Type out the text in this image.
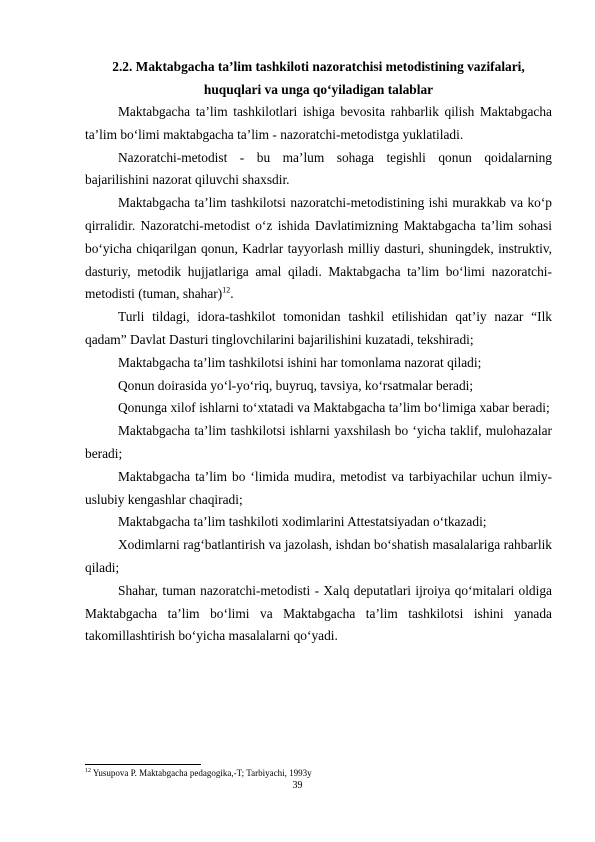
2.2. Maktabgacha ta’lim tashkiloti nazoratchisi metodistining vazifalari,
huquqlari va unga qo‘yiladigan talablar

Maktabgacha ta’lim tashkilotlari ishiga bevosita rahbarlik qilish Maktabgacha ta’lim bo‘limi maktabgacha ta’lim - nazoratchi-metodistga yuklatiladi.

Nazoratchi-metodist - bu ma’lum sohaga tegishli qonun qoidalarning bajarilishini nazorat qiluvchi shaxsdir.

Maktabgacha ta’lim tashkilotsi nazoratchi-metodistining ishi murakkab va ko‘p qirralidir. Nazoratchi-metodist o‘z ishida Davlatimizning Maktabgacha ta’lim sohasi bo‘yicha chiqarilgan qonun, Kadrlar tayyorlash milliy dasturi, shuningdek, instruktiv, dasturiy, metodik hujjatlariga amal qiladi. Maktabgacha ta’lim bo‘limi nazoratchi-metodisti (tuman, shahar)$^{12}$.

Turli tildagi, idora-tashkilot tomonidan tashkil etilishidan qat’iy nazar “Ilk qadam” Davlat Dasturi tinglovchilarini bajarilishini kuzatadi, tekshiradi;

Maktabgacha ta’lim tashkilotsi ishini har tomonlama nazorat qiladi;

Qonun doirasida yo‘l-yo‘riq, buyruq, tavsiya, ko‘rsatmalar beradi;

Qonunga xilof ishlarni to‘xtatadi va Maktabgacha ta’lim bo‘limiga xabar beradi;

Maktabgacha ta’lim tashkilotsi ishlarni yaxshilash bo ‘yicha taklif, mulohazalar beradi;

Maktabgacha ta’lim bo ‘limida mudira, metodist va tarbiyachilar uchun ilmiy-uslubiy kengashlar chaqiradi;

Maktabgacha ta’lim tashkiloti xodimlarini Attestatsiyadan o‘tkazadi;

Xodimlarni rag‘batlantirish va jazolash, ishdan bo‘shatish masalalariga rahbarlik qiladi;

Shahar, tuman nazoratchi-metodisti - Xalq deputatlari ijroiya qo‘mitalari oldiga Maktabgacha ta’lim bo‘limi va Maktabgacha ta’lim tashkilotsi ishini yanada takomillashtirish bo‘yicha masalalarni qo‘yadi.

$^{12}$ Yusupova P. Maktabgacha pedagogika,-T; Tarbiyachi, 1993y
39
